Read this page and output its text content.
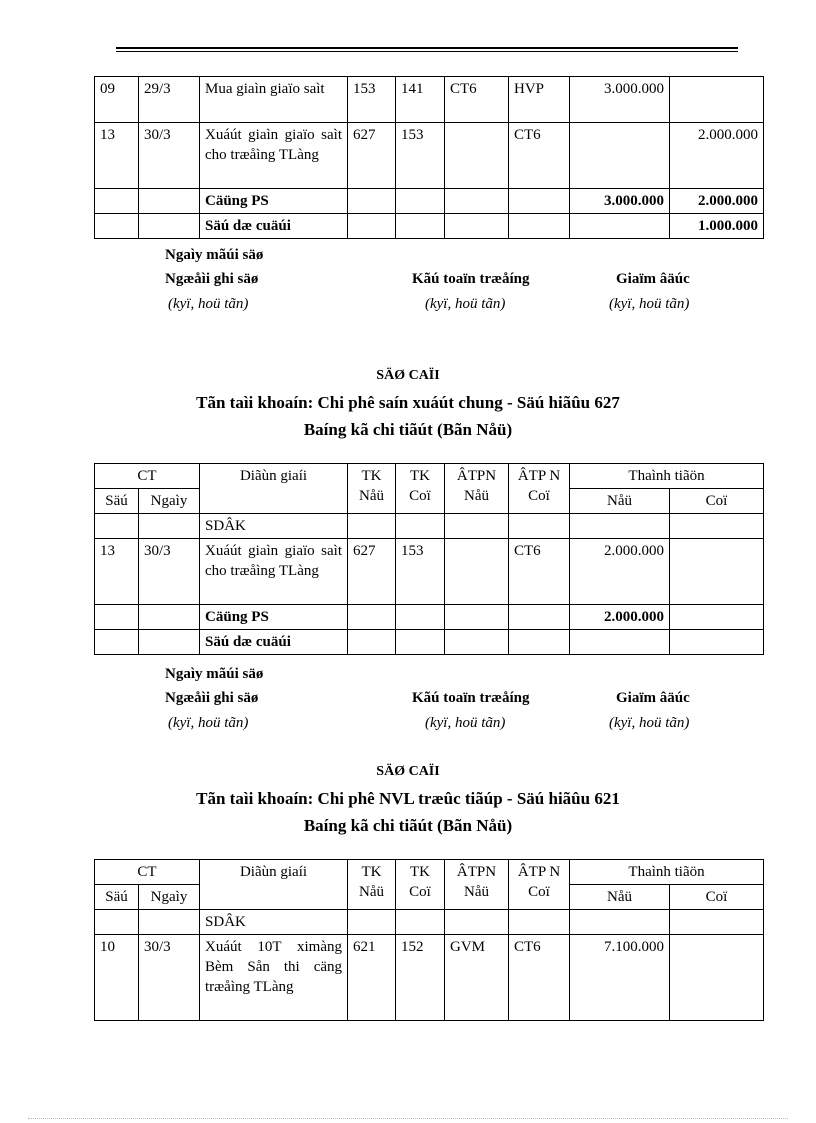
09	29/3	Mua giaìn giaïo saìt	153	141	CT6	HVP	3.000.000	
13	30/3	Xuáút giaìn giaïo saìt cho træåìng TLàng	627	153		CT6		2.000.000
		Cäüng PS					3.000.000	2.000.000
		Säú dæ cuäúi						1.000.000
Ngaìy mãúi säø
Ngæåìi ghi säø	Kãú toaïn træåíng	Giaïm âäúc
(kyï, hoü tãn)	(kyï, hoü tãn)	(kyï, hoü tãn)
SÄØ CAÏI
Tãn taìi khoaín: Chi phê saín xuáút chung - Säú hiãûu 627
Baíng kã chi tiãút (Bãn Nåü)
CT		Diãùn giaíi	TK Nåü	TK Coï	ÂTPN Nåü	ÂTP N Coï	Thaình tiãön	
Säú	Ngaìy						Nåü	Coï
		SDÂK						
13	30/3	Xuáút giaìn giaïo saìt cho træåìng TLàng	627	153		CT6	2.000.000	
		Cäüng PS					2.000.000	
		Säú dæ cuäúi						
Ngaìy mãúi säø
Ngæåìi ghi säø	Kãú toaïn træåíng	Giaïm âäúc
(kyï, hoü tãn)	(kyï, hoü tãn)	(kyï, hoü tãn)
SÄØ CAÏI
Tãn taìi khoaín: Chi phê NVL træûc tiãúp - Säú hiãûu 621
Baíng kã chi tiãút (Bãn Nåü)
CT		Diãùn giaíi	TK Nåü	TK Coï	ÂTPN Nåü	ÂTP N Coï	Thaình tiãön	
Säú	Ngaìy						Nåü	Coï
		SDÂK						
10	30/3	Xuáút 10T ximàng Bèm Sån thi cäng træåìng TLàng	621	152	GVM	CT6	7.100.000	
